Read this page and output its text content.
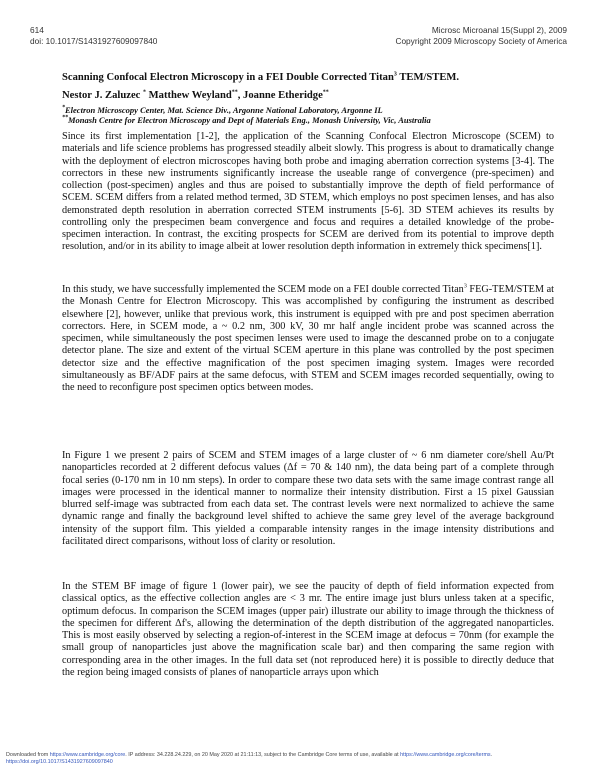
614
doi: 10.1017/S1431927609097840
Microsc Microanal 15(Suppl 2), 2009
Copyright 2009 Microscopy Society of America
Scanning Confocal Electron Microscopy in a FEI Double Corrected Titan$^3$ TEM/STEM.
Nestor J. Zaluzec * Matthew Weyland**, Joanne Etheridge**
*Electron Microscopy Center, Mat. Science Div., Argonne National Laboratory, Argonne IL
**Monash Centre for Electron Microscopy and Dept of Materials Eng., Monash University, Vic, Australia

Since its first implementation [1-2], the application of the Scanning Confocal Electron Microscope (SCEM) to materials and life science problems has progressed steadily albeit slowly. This progress is about to dramatically change with the deployment of electron microscopes having both probe and imaging aberration correction systems [3-4]. The correctors in these new instruments significantly increase the useable range of convergence (pre-specimen) and collection (post-specimen) angles and thus are poised to substantially improve the depth of field performance of SCEM. SCEM differs from a related method termed, 3D STEM, which employs no post specimen lenses, and has also demonstrated depth resolution in aberration corrected STEM instruments [5-6]. 3D STEM achieves its results by controlling only the prespecimen beam convergence and focus and requires a detailed knowledge of the probe-specimen interaction. In contrast, the exciting prospects for SCEM are derived from its potential to improve depth resolution, and/or in its ability to image albeit at lower resolution depth information in extremely thick specimens[1].

In this study, we have successfully implemented the SCEM mode on a FEI double corrected Titan$^3$ FEG-TEM/STEM at the Monash Centre for Electron Microscopy. This was accomplished by configuring the instrument as described elsewhere [2], however, unlike that previous work, this instrument is equipped with pre and post specimen aberration correctors. Here, in SCEM mode, a ~ 0.2 nm, 300 kV, 30 mr half angle incident probe was scanned across the specimen, while simultaneously the post specimen lenses were used to image the descanned probe on to a conjugate detector plane. The size and extent of the virtual SCEM aperture in this plane was controlled by the post specimen detector size and the effective magnification of the post specimen imaging system. Images were recorded simultaneously as BF/ADF pairs at the same defocus, with STEM and SCEM images recorded sequentially, owing to the need to reconfigure post specimen optics between modes.

In Figure 1 we present 2 pairs of SCEM and STEM images of a large cluster of ~ 6 nm diameter core/shell Au/Pt nanoparticles recorded at 2 different defocus values (Δf = 70 & 140 nm), the data being part of a complete through focal series (0-170 nm in 10 nm steps). In order to compare these two data sets with the same image contrast range all images were processed in the identical manner to normalize their intensity distribution. First a 15 pixel Gaussian blurred self-image was subtracted from each data set. The contrast levels were next normalized to achieve the same dynamic range and finally the background level shifted to achieve the same grey level of the average background intensity of the support film. This yielded a comparable intensity ranges in the image intensity distributions and facilitated direct comparisons, without loss of clarity or resolution.

In the STEM BF image of figure 1 (lower pair), we see the paucity of depth of field information expected from classical optics, as the effective collection angles are < 3 mr. The entire image just blurs unless taken at a specific, optimum defocus. In comparison the SCEM images (upper pair) illustrate our ability to image through the thickness of the specimen for different Δf's, allowing the determination of the depth distribution of the aggregated nanoparticles. This is most easily observed by selecting a region-of-interest in the SCEM image at defocus = 70nm (for example the small group of nanoparticles just above the magnification scale bar) and then comparing the same region with corresponding area in the other images. In the full data set (not reproduced here) it is possible to directly deduce that the region being imaged consists of planes of nanoparticle arrays upon which

Downloaded from https://www.cambridge.org/core. IP address: 34.228.24.229, on 20 May 2020 at 21:11:13, subject to the Cambridge Core terms of use, available at https://www.cambridge.org/core/terms.
https://doi.org/10.1017/S1431927609097840
